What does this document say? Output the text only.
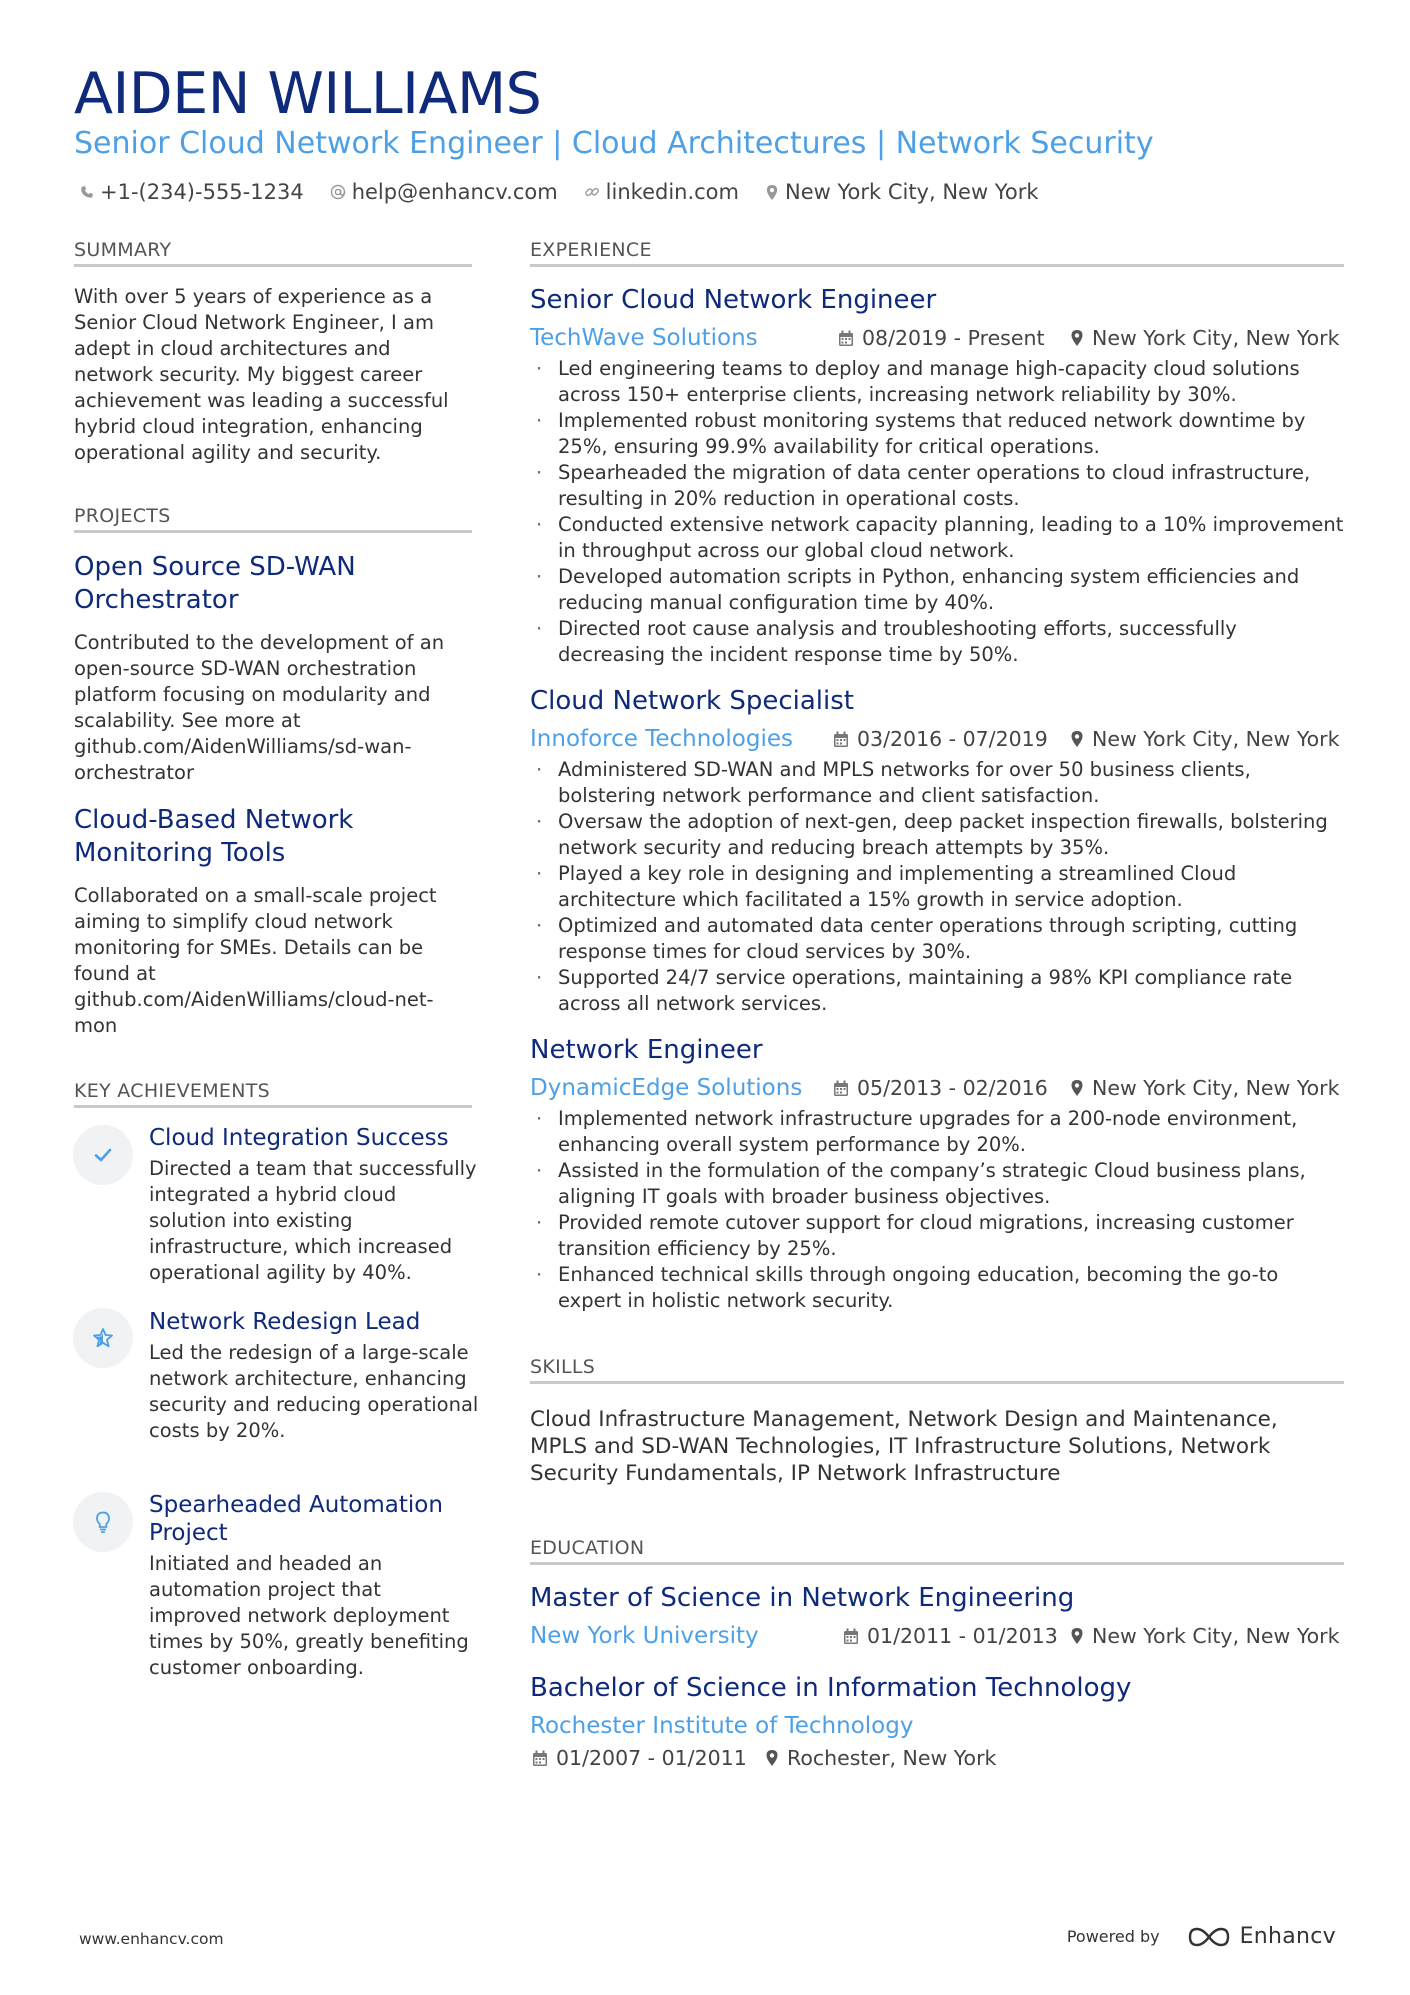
AIDEN WILLIAMS
Senior Cloud Network Engineer | Cloud Architectures | Network Security
+1-(234)-555-1234 help@enhancv.com linkedin.com New York City, New York
SUMMARY
With over 5 years of experience as a Senior Cloud Network Engineer, I am adept in cloud architectures and network security. My biggest career achievement was leading a successful hybrid cloud integration, enhancing operational agility and security.
PROJECTS
Open Source SD-WAN Orchestrator
Contributed to the development of an open-source SD-WAN orchestration platform focusing on modularity and scalability. See more at github.com/AidenWilliams/sd-wan-orchestrator
Cloud-Based Network Monitoring Tools
Collaborated on a small-scale project aiming to simplify cloud network monitoring for SMEs. Details can be found at github.com/AidenWilliams/cloud-net-mon
KEY ACHIEVEMENTS
Cloud Integration Success
Directed a team that successfully integrated a hybrid cloud solution into existing infrastructure, which increased operational agility by 40%.
Network Redesign Lead
Led the redesign of a large-scale network architecture, enhancing security and reducing operational costs by 20%.
Spearheaded Automation Project
Initiated and headed an automation project that improved network deployment times by 50%, greatly benefiting customer onboarding.
EXPERIENCE
Senior Cloud Network Engineer
TechWave Solutions	08/2019 - Present New York City, New York
· Led engineering teams to deploy and manage high-capacity cloud solutions across 150+ enterprise clients, increasing network reliability by 30%.
· Implemented robust monitoring systems that reduced network downtime by 25%, ensuring 99.9% availability for critical operations.
· Spearheaded the migration of data center operations to cloud infrastructure, resulting in 20% reduction in operational costs.
· Conducted extensive network capacity planning, leading to a 10% improvement in throughput across our global cloud network.
· Developed automation scripts in Python, enhancing system efficiencies and reducing manual configuration time by 40%.
· Directed root cause analysis and troubleshooting efforts, successfully decreasing the incident response time by 50%.
Cloud Network Specialist
Innoforce Technologies	03/2016 - 07/2019 New York City, New York
· Administered SD-WAN and MPLS networks for over 50 business clients, bolstering network performance and client satisfaction.
· Oversaw the adoption of next-gen, deep packet inspection firewalls, bolstering network security and reducing breach attempts by 35%.
· Played a key role in designing and implementing a streamlined Cloud architecture which facilitated a 15% growth in service adoption.
· Optimized and automated data center operations through scripting, cutting response times for cloud services by 30%.
· Supported 24/7 service operations, maintaining a 98% KPI compliance rate across all network services.
Network Engineer
DynamicEdge Solutions	05/2013 - 02/2016 New York City, New York
· Implemented network infrastructure upgrades for a 200-node environment, enhancing overall system performance by 20%.
· Assisted in the formulation of the company’s strategic Cloud business plans, aligning IT goals with broader business objectives.
· Provided remote cutover support for cloud migrations, increasing customer transition efficiency by 25%.
· Enhanced technical skills through ongoing education, becoming the go-to expert in holistic network security.
SKILLS
Cloud Infrastructure Management, Network Design and Maintenance, MPLS and SD-WAN Technologies, IT Infrastructure Solutions, Network Security Fundamentals, IP Network Infrastructure
EDUCATION
Master of Science in Network Engineering
New York University	01/2011 - 01/2013 New York City, New York
Bachelor of Science in Information Technology
Rochester Institute of Technology
01/2007 - 01/2011 Rochester, New York
www.enhancv.com	Powered by	Enhancv
